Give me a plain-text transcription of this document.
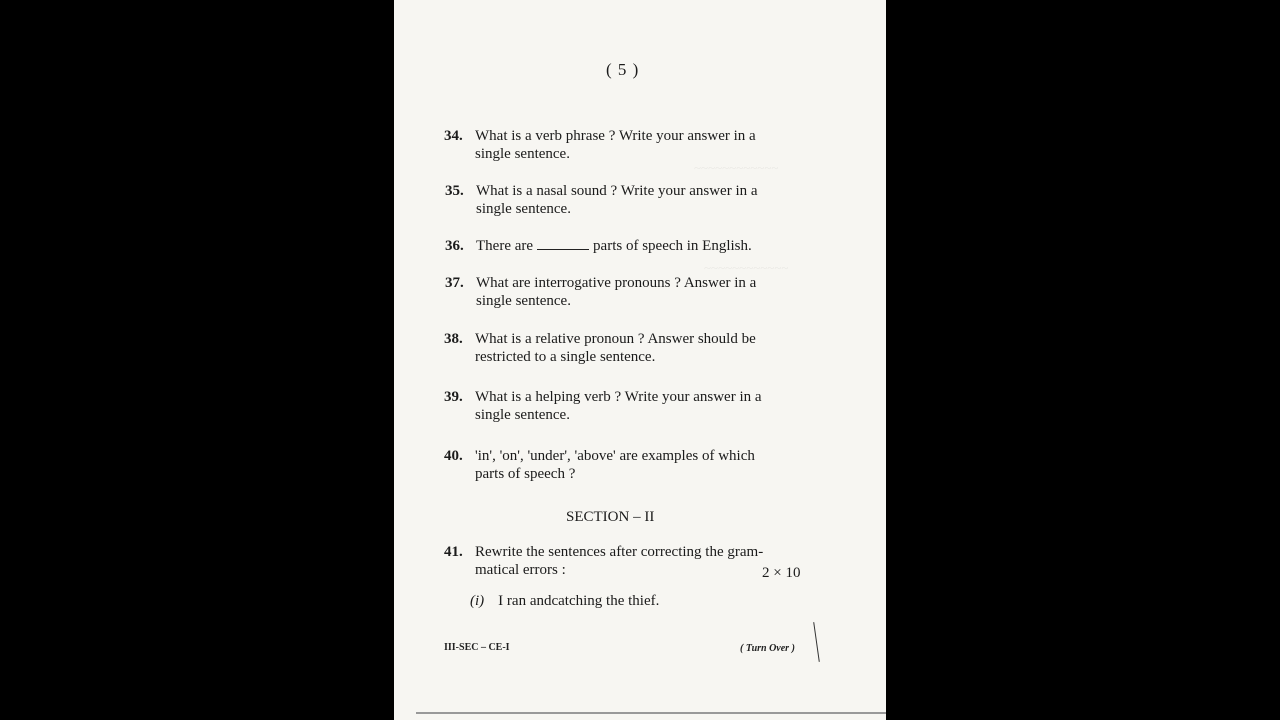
~~~~~~~~~~~~
~~~~~~~~~~~~
( 5 )
34. What is a verb phrase ? Write your answer in a
single sentence.
35. What is a nasal sound ? Write your answer in a
single sentence.
36. There are	parts of speech in English.
37. What are interrogative pronouns ? Answer in a
single sentence.
38. What is a relative pronoun ? Answer should be
restricted to a single sentence.
39. What is a helping verb ? Write your answer in a
single sentence.
40. 'in', 'on', 'under', 'above' are examples of which
parts of speech ?
SECTION – II
41. Rewrite the sentences after correcting the gram-
matical errors :	2 × 10
(i) I ran andcatching the thief.
III-SEC – CE-I	( Turn Over )
